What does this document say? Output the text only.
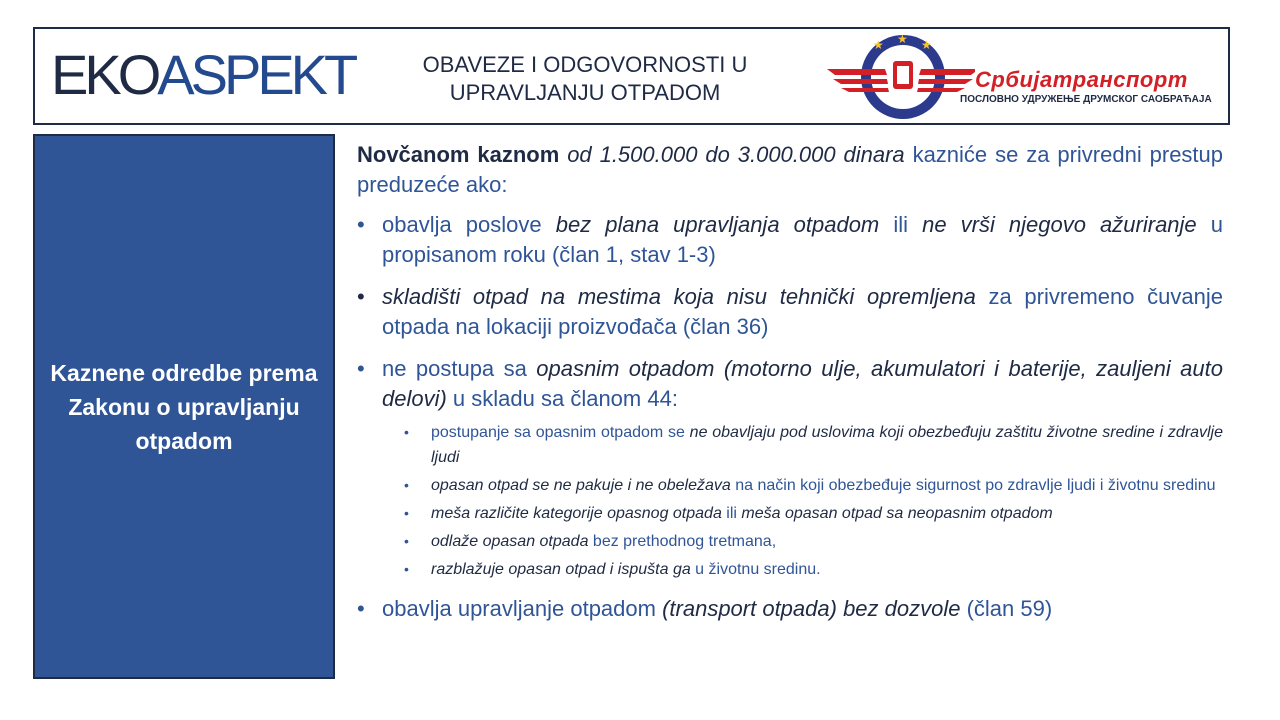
EKOASPEKT	OBAVEZE I ODGOVORNOSTI U UPRAVLJANJU OTPADOM
★ ★ ★
Србијатранспорт
ПОСЛОВНО УДРУЖЕЊЕ ДРУМСКОГ САОБРАЋАЈА
Kaznene odredbe prema Zakonu o upravljanju otpadom

Novčanom kaznom od 1.500.000 do 3.000.000 dinara kazniće se za privredni prestup preduzeće ako:

• obavlja poslove bez plana upravljanja otpadom ili ne vrši njegovo ažuriranje u propisanom roku (član 1, stav 1-3)
• skladišti otpad na mestima koja nisu tehnički opremljena za privremeno čuvanje otpada na lokaciji proizvođača (član 36)
• ne postupa sa opasnim otpadom (motorno ulje, akumulatori i baterije, zauljeni auto delovi) u skladu sa članom 44:
• postupanje sa opasnim otpadom se ne obavljaju pod uslovima koji obezbeđuju zaštitu životne sredine i zdravlje ljudi
• opasan otpad se ne pakuje i ne obeležava na način koji obezbeđuje sigurnost po zdravlje ljudi i životnu sredinu
• meša različite kategorije opasnog otpada ili meša opasan otpad sa neopasnim otpadom
• odlaže opasan otpada bez prethodnog tretmana,
• razblažuje opasan otpad i ispušta ga u životnu sredinu.
• obavlja upravljanje otpadom (transport otpada) bez dozvole (član 59)
